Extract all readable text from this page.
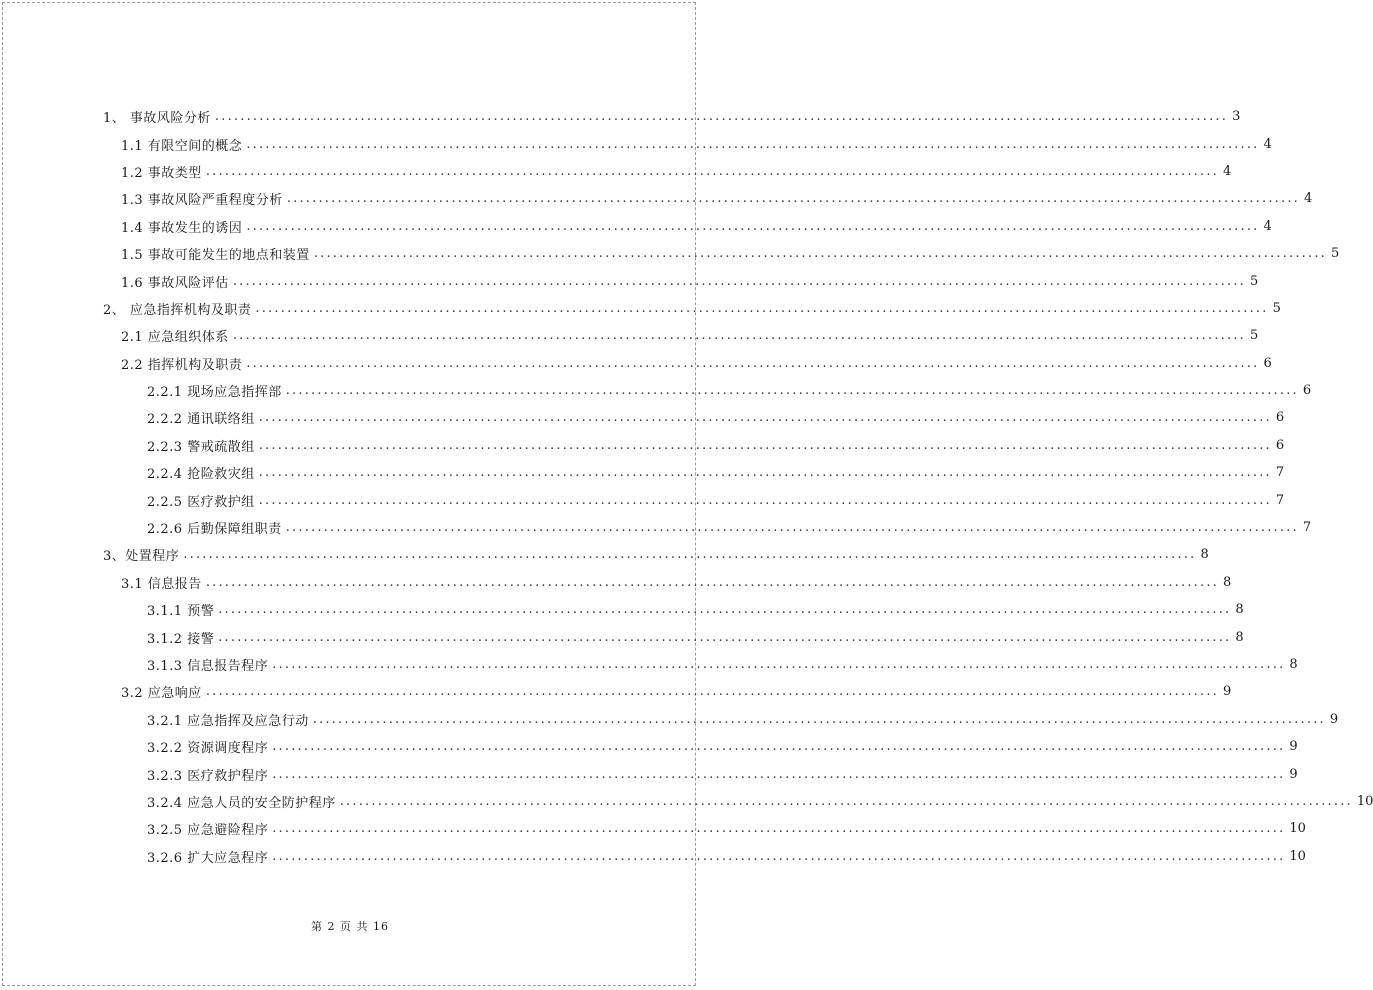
1、 事故风险分析 ................................................................................................................................................................ 3
1.1 有限空间的概念 ................................................................................................................................................................ 4
1.2 事故类型 ................................................................................................................................................................ 4
1.3 事故风险严重程度分析 ................................................................................................................................................................ 4
1.4 事故发生的诱因 ................................................................................................................................................................ 4
1.5 事故可能发生的地点和装置 ................................................................................................................................................................ 5
1.6 事故风险评估 ................................................................................................................................................................ 5
2、 应急指挥机构及职责 ................................................................................................................................................................ 5
2.1 应急组织体系 ................................................................................................................................................................ 5
2.2 指挥机构及职责 ................................................................................................................................................................ 6
2.2.1 现场应急指挥部 ................................................................................................................................................................ 6
2.2.2 通讯联络组 ................................................................................................................................................................ 6
2.2.3 警戒疏散组 ................................................................................................................................................................ 6
2.2.4 抢险救灾组 ................................................................................................................................................................ 7
2.2.5 医疗救护组 ................................................................................................................................................................ 7
2.2.6 后勤保障组职责 ................................................................................................................................................................ 7
3、处置程序 ................................................................................................................................................................ 8
3.1 信息报告 ................................................................................................................................................................ 8
3.1.1 预警 ................................................................................................................................................................ 8
3.1.2 接警 ................................................................................................................................................................ 8
3.1.3 信息报告程序 ................................................................................................................................................................ 8
3.2 应急响应 ................................................................................................................................................................ 9
3.2.1 应急指挥及应急行动 ................................................................................................................................................................ 9
3.2.2 资源调度程序 ................................................................................................................................................................ 9
3.2.3 医疗救护程序 ................................................................................................................................................................ 9
3.2.4 应急人员的安全防护程序 ................................................................................................................................................................ 10
3.2.5 应急避险程序 ................................................................................................................................................................ 10
3.2.6 扩大应急程序 ................................................................................................................................................................ 10
第 2 页 共 16
